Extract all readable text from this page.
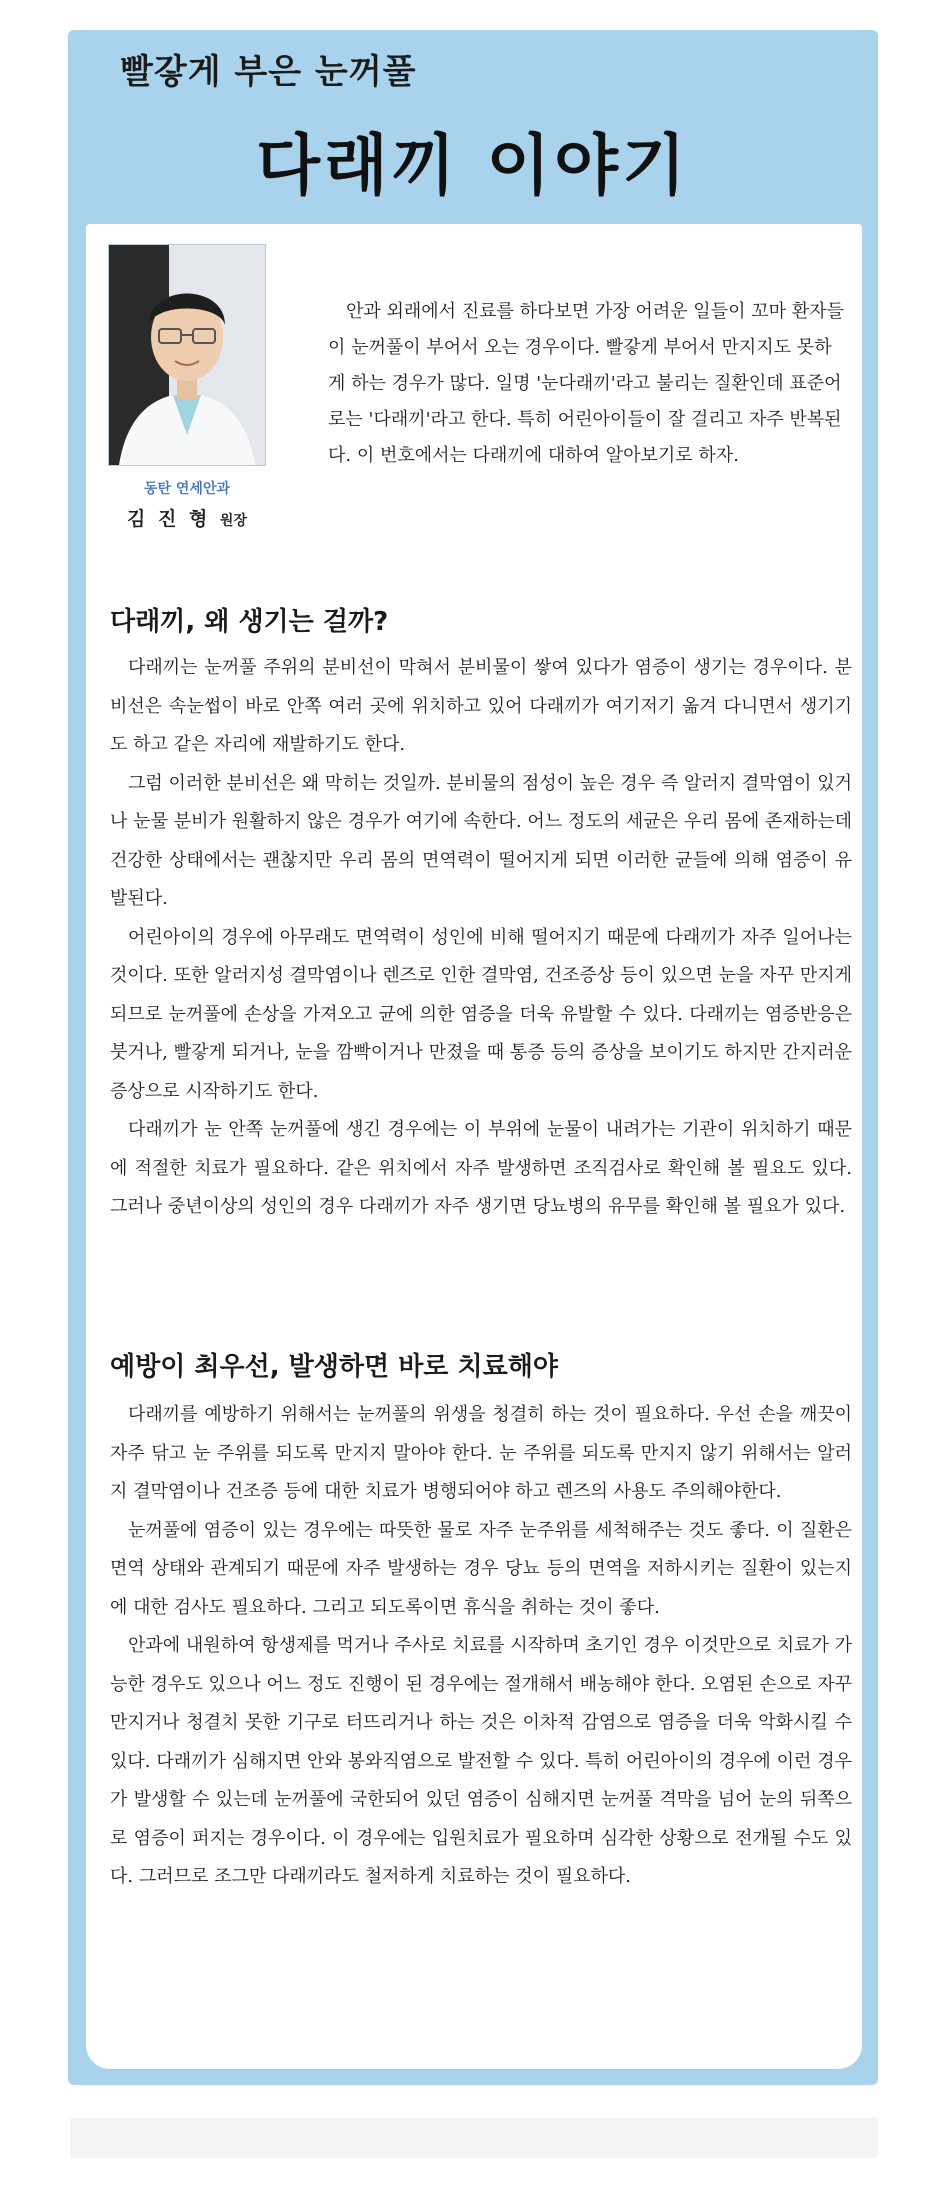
빨갛게 부은 눈꺼풀
다래끼 이야기
동탄 연세안과
김 진 형 원장

안과 외래에서 진료를 하다보면 가장 어려운 일들이 꼬마 환자들이 눈꺼풀이 부어서 오는 경우이다. 빨갛게 부어서 만지지도 못하게 하는 경우가 많다. 일명 '눈다래끼'라고 불리는 질환인데 표준어로는 '다래끼'라고 한다. 특히 어린아이들이 잘 걸리고 자주 반복된다. 이 번호에서는 다래끼에 대하여 알아보기로 하자.

다래끼, 왜 생기는 걸까?

다래끼는 눈꺼풀 주위의 분비선이 막혀서 분비물이 쌓여 있다가 염증이 생기는 경우이다. 분비선은 속눈썹이 바로 안쪽 여러 곳에 위치하고 있어 다래끼가 여기저기 옮겨 다니면서 생기기도 하고 같은 자리에 재발하기도 한다.

그럼 이러한 분비선은 왜 막히는 것일까. 분비물의 점성이 높은 경우 즉 알러지 결막염이 있거나 눈물 분비가 원활하지 않은 경우가 여기에 속한다. 어느 정도의 세균은 우리 몸에 존재하는데 건강한 상태에서는 괜찮지만 우리 몸의 면역력이 떨어지게 되면 이러한 균들에 의해 염증이 유발된다.

어린아이의 경우에 아무래도 면역력이 성인에 비해 떨어지기 때문에 다래끼가 자주 일어나는 것이다. 또한 알러지성 결막염이나 렌즈로 인한 결막염, 건조증상 등이 있으면 눈을 자꾸 만지게 되므로 눈꺼풀에 손상을 가져오고 균에 의한 염증을 더욱 유발할 수 있다. 다래끼는 염증반응은 붓거나, 빨갛게 되거나, 눈을 깜빡이거나 만졌을 때 통증 등의 증상을 보이기도 하지만 간지러운 증상으로 시작하기도 한다.

다래끼가 눈 안쪽 눈꺼풀에 생긴 경우에는 이 부위에 눈물이 내려가는 기관이 위치하기 때문에 적절한 치료가 필요하다. 같은 위치에서 자주 발생하면 조직검사로 확인해 볼 필요도 있다. 그러나 중년이상의 성인의 경우 다래끼가 자주 생기면 당뇨병의 유무를 확인해 볼 필요가 있다.

예방이 최우선, 발생하면 바로 치료해야

다래끼를 예방하기 위해서는 눈꺼풀의 위생을 청결히 하는 것이 필요하다. 우선 손을 깨끗이 자주 닦고 눈 주위를 되도록 만지지 말아야 한다. 눈 주위를 되도록 만지지 않기 위해서는 알러지 결막염이나 건조증 등에 대한 치료가 병행되어야 하고 렌즈의 사용도 주의해야한다.

눈꺼풀에 염증이 있는 경우에는 따뜻한 물로 자주 눈주위를 세척해주는 것도 좋다. 이 질환은 면역 상태와 관계되기 때문에 자주 발생하는 경우 당뇨 등의 면역을 저하시키는 질환이 있는지에 대한 검사도 필요하다. 그리고 되도록이면 휴식을 취하는 것이 좋다.

안과에 내원하여 항생제를 먹거나 주사로 치료를 시작하며 초기인 경우 이것만으로 치료가 가능한 경우도 있으나 어느 정도 진행이 된 경우에는 절개해서 배농해야 한다. 오염된 손으로 자꾸 만지거나 청결치 못한 기구로 터뜨리거나 하는 것은 이차적 감염으로 염증을 더욱 악화시킬 수 있다. 다래끼가 심해지면 안와 봉와직염으로 발전할 수 있다. 특히 어린아이의 경우에 이런 경우가 발생할 수 있는데 눈꺼풀에 국한되어 있던 염증이 심해지면 눈꺼풀 격막을 넘어 눈의 뒤쪽으로 염증이 퍼지는 경우이다. 이 경우에는 입원치료가 필요하며 심각한 상황으로 전개될 수도 있다. 그러므로 조그만 다래끼라도 철저하게 치료하는 것이 필요하다.
